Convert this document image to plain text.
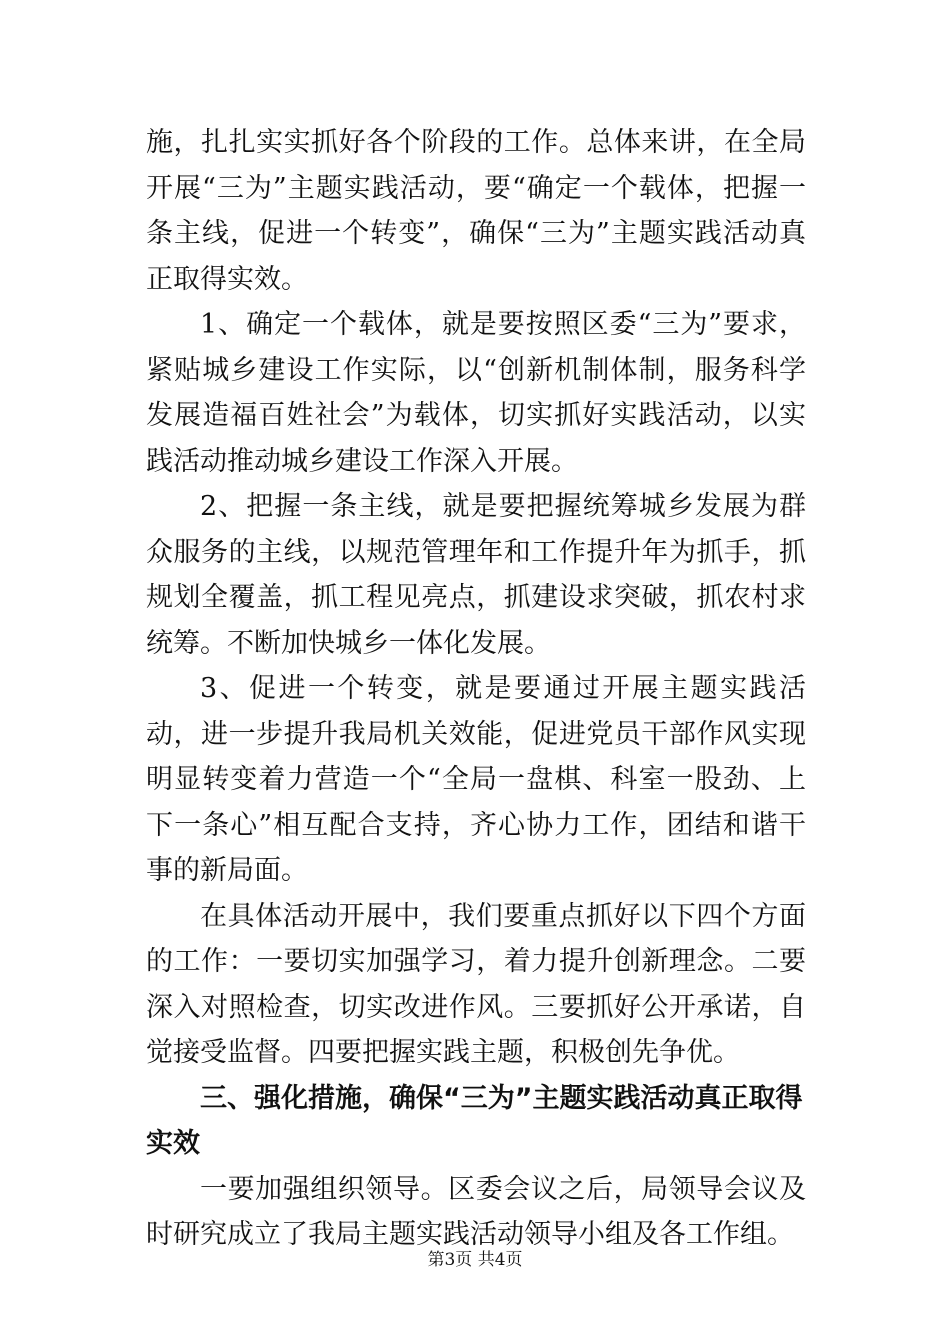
施，扎扎实实抓好各个阶段的工作。总体来讲，在全局开展“三为”主题实践活动，要“确定一个载体，把握一条主线，促进一个转变”，确保“三为”主题实践活动真正取得实效。

1、确定一个载体，就是要按照区委“三为”要求，紧贴城乡建设工作实际，以“创新机制体制，服务科学发展造福百姓社会”为载体，切实抓好实践活动，以实践活动推动城乡建设工作深入开展。

2、把握一条主线，就是要把握统筹城乡发展为群众服务的主线，以规范管理年和工作提升年为抓手，抓规划全覆盖，抓工程见亮点，抓建设求突破，抓农村求统筹。不断加快城乡一体化发展。

3、促进一个转变，就是要通过开展主题实践活动，进一步提升我局机关效能，促进党员干部作风实现明显转变着力营造一个“全局一盘棋、科室一股劲、上下一条心”相互配合支持，齐心协力工作，团结和谐干事的新局面。

在具体活动开展中，我们要重点抓好以下四个方面的工作：一要切实加强学习，着力提升创新理念。二要深入对照检查，切实改进作风。三要抓好公开承诺，自觉接受监督。四要把握实践主题，积极创先争优。

三、强化措施，确保“三为”主题实践活动真正取得实效

一要加强组织领导。区委会议之后，局领导会议及时研究成立了我局主题实践活动领导小组及各工作组。

第3页 共4页
